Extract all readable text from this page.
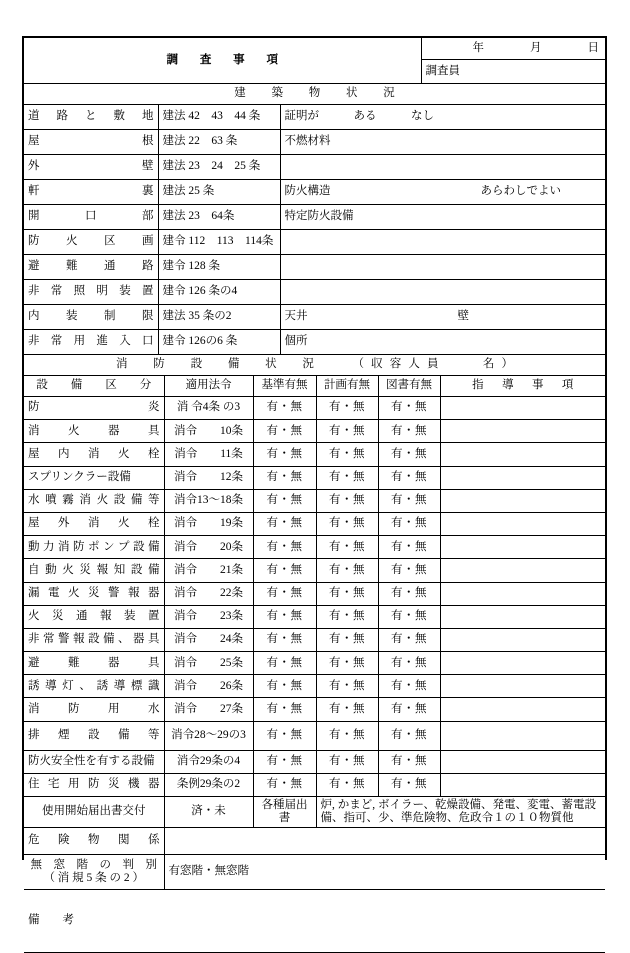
調　査　事　項	
年	月	日

調査員
建　築　物　状　況		
道　路　と　敷　地	建法 42　43　44 条	証明が　　　ある　　　なし
屋　　　　　　　　根	建法 22　63 条	不燃材料
外　　　　　　　　壁	建法 23　24　25 条	
軒　　　　　　　　裏	建法 25 条	防火構造 あらわしでよい

開　　　口　　　部	建法 23　64条	特定防火設備
防　火　区　画	建令 112　113　114条	
避　難　通　路	建令 128 条	
非 常 照 明 装 置	建令 126 条の4	
内　　装　　制　　限	建法 35 条の2	天井 壁

非 常 用 進 入 口	建令 126の6 条	個所
消　防　設　備　状　況　　（収容人員　　名）					
設　備　区　分	適用法令	基準有無	計画有無	図書有無	指　導　事　項
防　　　　　　　　炎	消 令4条 の3	有・無	有・無	有・無	
消　　火　　器　　具	消令　　10条	有・無	有・無	有・無	
屋　内　消　火　栓	消令　　11条	有・無	有・無	有・無	
スプリンクラー設備	消令　　12条	有・無	有・無	有・無	
水 噴 霧 消 火 設 備 等	消令13〜18条	有・無	有・無	有・無	
屋　外　消　火　栓	消令　　19条	有・無	有・無	有・無	
動 力 消 防 ポ ン プ 設 備	消令　　20条	有・無	有・無	有・無	
自 動 火 災 報 知 設 備	消令　　21条	有・無	有・無	有・無	
漏 電 火 災 警 報 器	消令　　22条	有・無	有・無	有・無	
火　災　通　報　装　置	消令　　23条	有・無	有・無	有・無	
非 常 警 報 設 備 、 器 具	消令　　24条	有・無	有・無	有・無	
避　　難　　器　　具	消令　　25条	有・無	有・無	有・無	
誘 導 灯 、 誘 導 標 識	消令　　26条	有・無	有・無	有・無	
消　　防　　用　　水	消令　　27条	有・無	有・無	有・無	
排　煙　設　備　等	消令28〜29の3	有・無	有・無	有・無	
防火安全性を有する設備	消令29条の4	有・無	有・無	有・無	
住 宅 用 防 災 機 器	条例29条の2	有・無	有・無	有・無	
使用開始届出書交付	済・未	各種届出書	炉, かまど, ボイラー、乾燥設備、発電、変電、蓄電設備、指可、少、準危険物、危政令１の１０物質他
危　険　物　関　係			

無　窓　階　の　判　別
（ 消 規 5 条 の 2 ）	有窓階・無窓階		
備　考			
